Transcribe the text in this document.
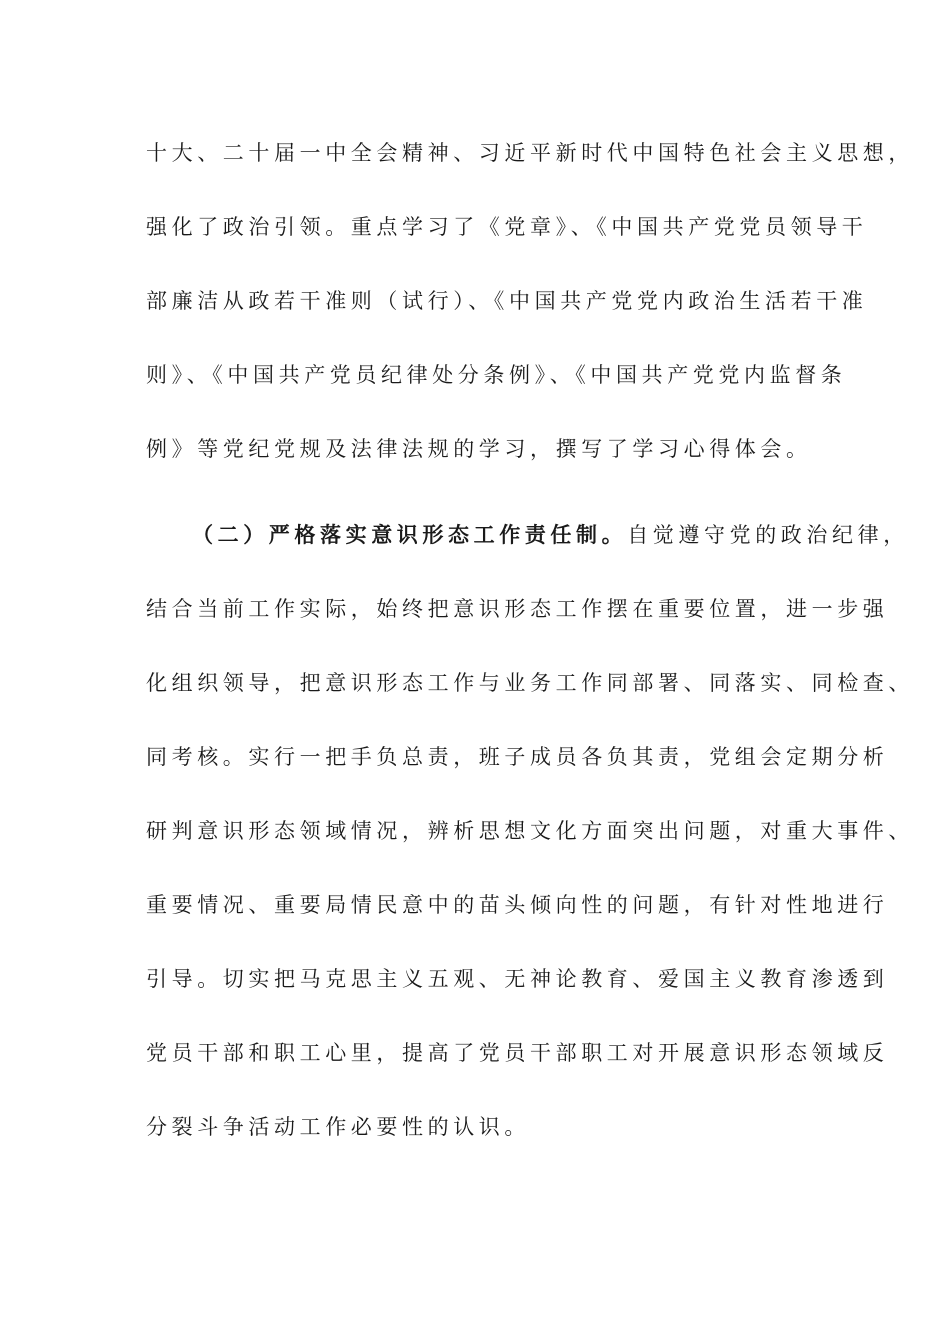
十大、二十届一中全会精神、习近平新时代中国特色社会主义思想，
强化了政治引领。重点学习了《党章》、《中国共产党党员领导干
部廉洁从政若干准则（试行）、《中国共产党党内政治生活若干准
则》、《中国共产党员纪律处分条例》、《中国共产党党内监督条
例》等党纪党规及法律法规的学习，撰写了学习心得体会。
（二）严格落实意识形态工作责任制。自觉遵守党的政治纪律，
结合当前工作实际，始终把意识形态工作摆在重要位置，进一步强
化组织领导，把意识形态工作与业务工作同部署、同落实、同检查、
同考核。实行一把手负总责，班子成员各负其责，党组会定期分析
研判意识形态领域情况，辨析思想文化方面突出问题，对重大事件、
重要情况、重要局情民意中的苗头倾向性的问题，有针对性地进行
引导。切实把马克思主义五观、无神论教育、爱国主义教育渗透到
党员干部和职工心里，提高了党员干部职工对开展意识形态领域反
分裂斗争活动工作必要性的认识。
